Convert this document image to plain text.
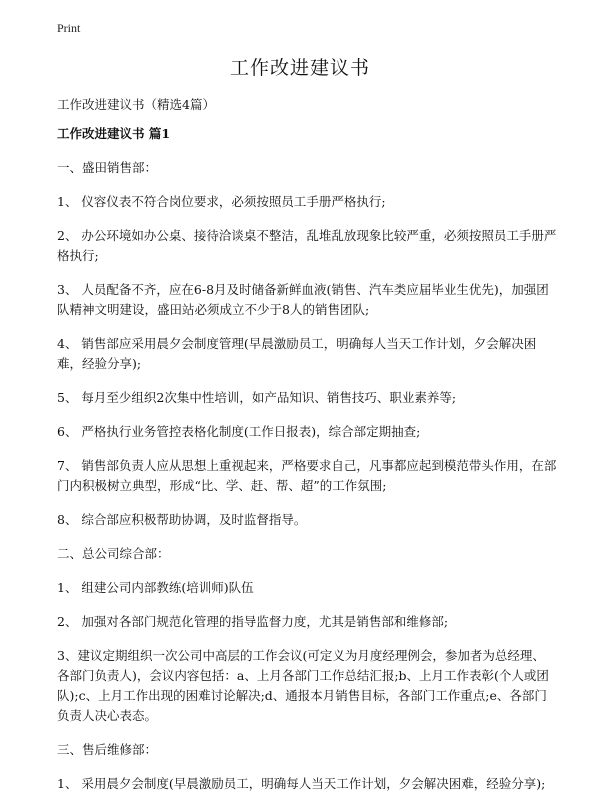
Print
工作改进建议书
工作改进建议书（精选4篇）

工作改进建议书 篇1

一、盛田销售部：

1、 仪容仪表不符合岗位要求，必须按照员工手册严格执行;

2、 办公环境如办公桌、接待洽谈桌不整洁，乱堆乱放现象比较严重，必须按照员工手册严格执行;

3、 人员配备不齐，应在6-8月及时储备新鲜血液(销售、汽车类应届毕业生优先)，加强团队精神文明建设，盛田站必须成立不少于8人的销售团队;

4、 销售部应采用晨夕会制度管理(早晨激励员工，明确每人当天工作计划，夕会解决困难，经验分享);

5、 每月至少组织2次集中性培训，如产品知识、销售技巧、职业素养等;

6、 严格执行业务管控表格化制度(工作日报表)，综合部定期抽查;

7、 销售部负责人应从思想上重视起来，严格要求自己，凡事都应起到模范带头作用，在部门内积极树立典型，形成“比、学、赶、帮、超”的工作氛围;

8、 综合部应积极帮助协调，及时监督指导。

二、总公司综合部：

1、 组建公司内部教练(培训师)队伍

2、 加强对各部门规范化管理的指导监督力度，尤其是销售部和维修部;

3、建议定期组织一次公司中高层的工作会议(可定义为月度经理例会，参加者为总经理、各部门负责人)，会议内容包括：a、上月各部门工作总结汇报;b、上月工作表彰(个人或团队);c、上月工作出现的困难讨论解决;d、通报本月销售目标，各部门工作重点;e、各部门负责人决心表态。

三、售后维修部：

1、 采用晨夕会制度(早晨激励员工，明确每人当天工作计划，夕会解决困难，经验分享);
